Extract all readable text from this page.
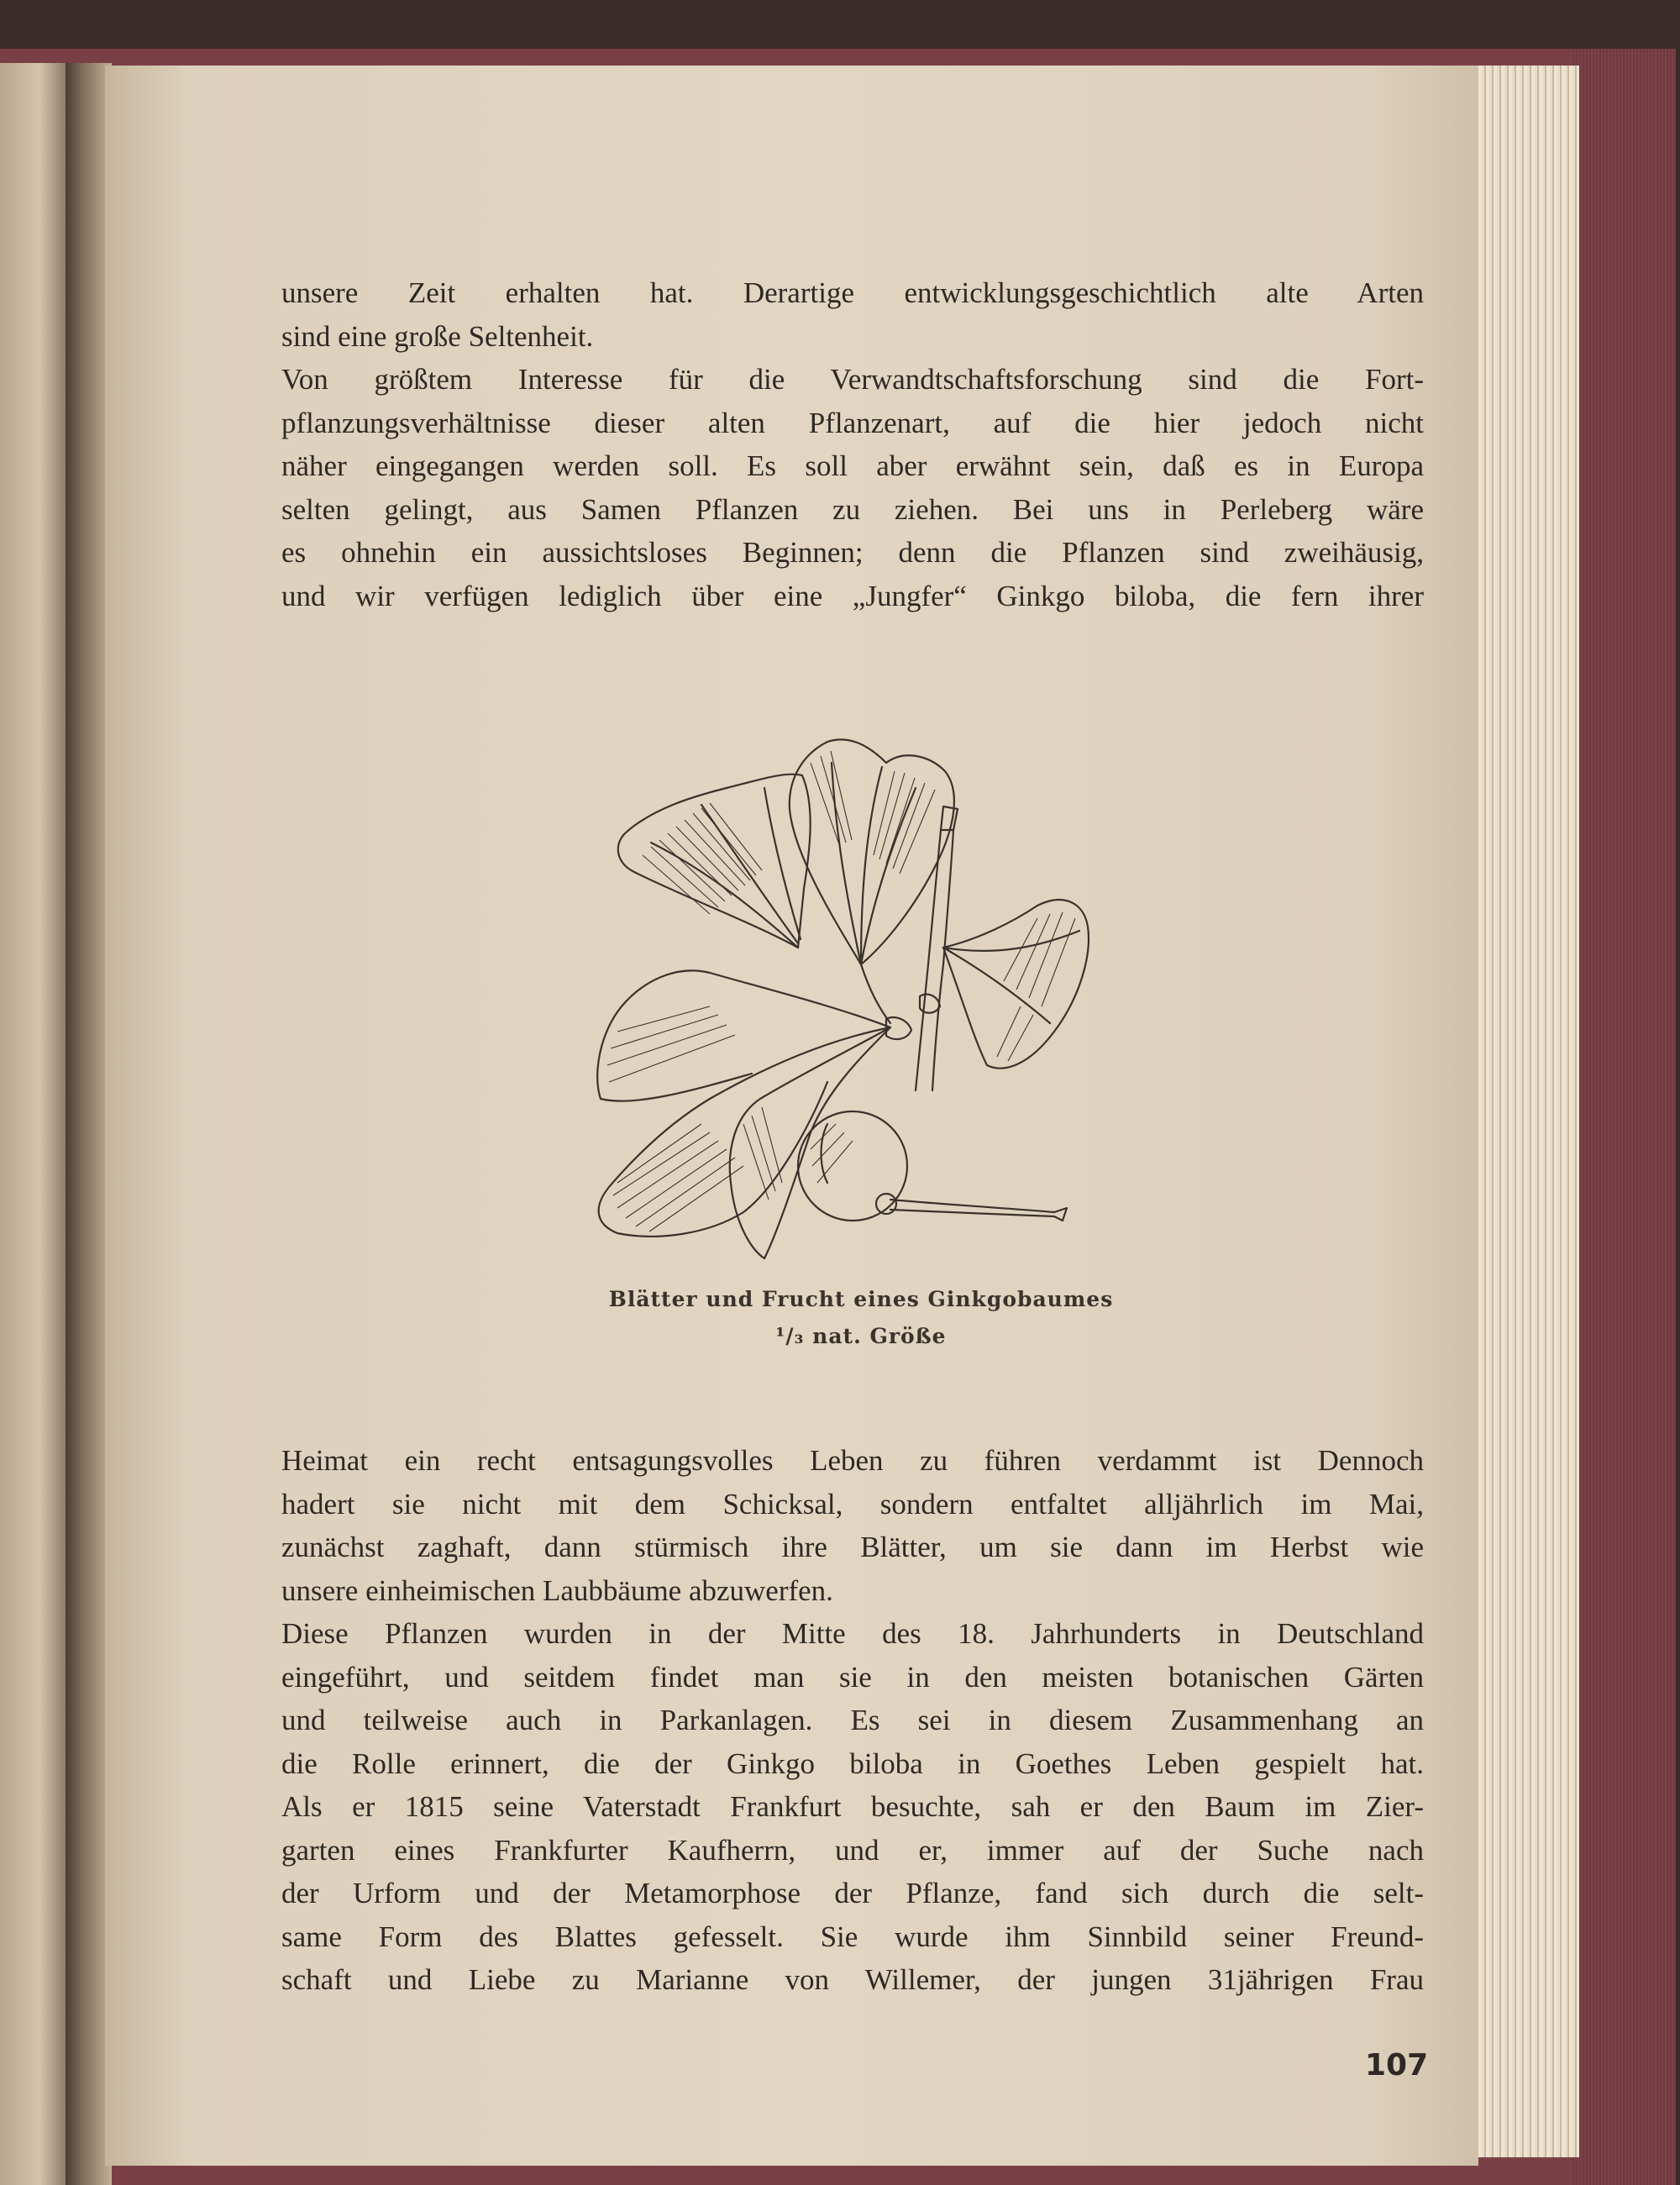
unsere Zeit erhalten hat. Derartige entwicklungsgeschichtlich alte Arten
sind eine große Seltenheit.
Von größtem Interesse für die Verwandtschaftsforschung sind die Fort-
pflanzungsverhältnisse dieser alten Pflanzenart, auf die hier jedoch nicht
näher eingegangen werden soll. Es soll aber erwähnt sein, daß es in Europa
selten gelingt, aus Samen Pflanzen zu ziehen. Bei uns in Perleberg wäre
es ohnehin ein aussichtsloses Beginnen; denn die Pflanzen sind zweihäusig,
und wir verfügen lediglich über eine „Jungfer“ Ginkgo biloba, die fern ihrer
Blätter und Frucht eines Ginkgobaumes
¹/₃ nat. Größe
Heimat ein recht entsagungsvolles Leben zu führen verdammt ist Dennoch
hadert sie nicht mit dem Schicksal, sondern entfaltet alljährlich im Mai,
zunächst zaghaft, dann stürmisch ihre Blätter, um sie dann im Herbst wie
unsere einheimischen Laubbäume abzuwerfen.
Diese Pflanzen wurden in der Mitte des 18. Jahrhunderts in Deutschland
eingeführt, und seitdem findet man sie in den meisten botanischen Gärten
und teilweise auch in Parkanlagen. Es sei in diesem Zusammenhang an
die Rolle erinnert, die der Ginkgo biloba in Goethes Leben gespielt hat.
Als er 1815 seine Vaterstadt Frankfurt besuchte, sah er den Baum im Zier-
garten eines Frankfurter Kaufherrn, und er, immer auf der Suche nach
der Urform und der Metamorphose der Pflanze, fand sich durch die selt-
same Form des Blattes gefesselt. Sie wurde ihm Sinnbild seiner Freund-
schaft und Liebe zu Marianne von Willemer, der jungen 31jährigen Frau
107
